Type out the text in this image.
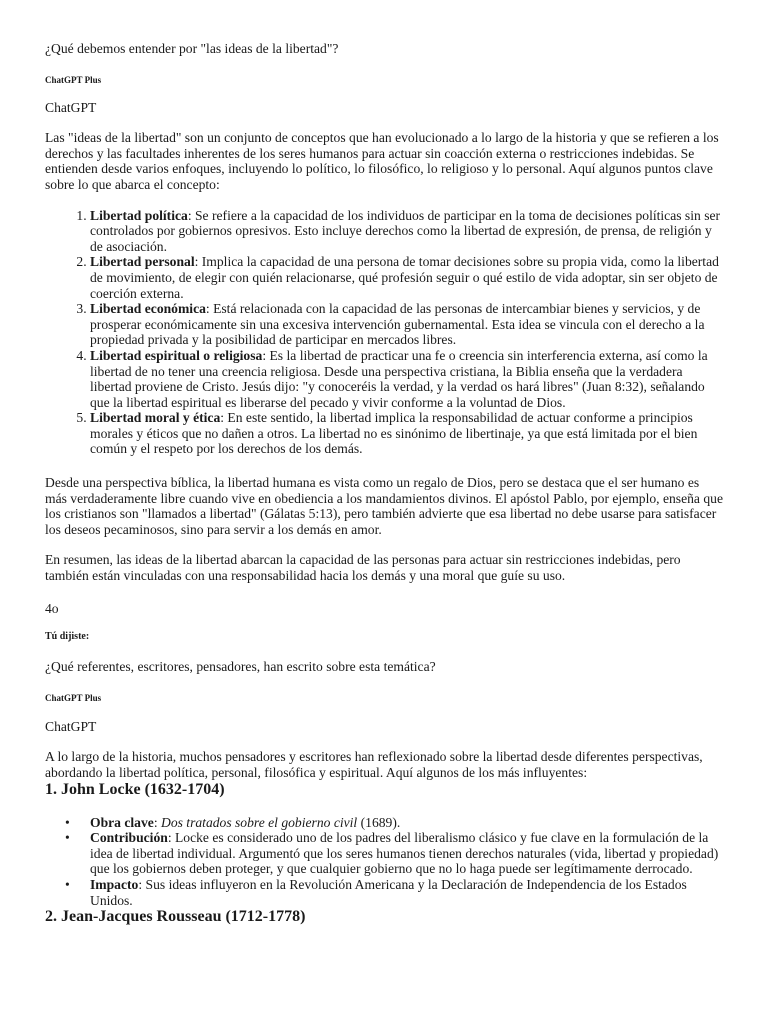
¿Qué debemos entender por "las ideas de la libertad"?

ChatGPT Plus

ChatGPT

Las "ideas de la libertad" son un conjunto de conceptos que han evolucionado a lo largo de la historia y que se refieren a los derechos y las facultades inherentes de los seres humanos para actuar sin coacción externa o restricciones indebidas. Se entienden desde varios enfoques, incluyendo lo político, lo filosófico, lo religioso y lo personal. Aquí algunos puntos clave sobre lo que abarca el concepto:

1. Libertad política: Se refiere a la capacidad de los individuos de participar en la toma de decisiones políticas sin ser controlados por gobiernos opresivos. Esto incluye derechos como la libertad de expresión, de prensa, de religión y de asociación.
2. Libertad personal: Implica la capacidad de una persona de tomar decisiones sobre su propia vida, como la libertad de movimiento, de elegir con quién relacionarse, qué profesión seguir o qué estilo de vida adoptar, sin ser objeto de coerción externa.
3. Libertad económica: Está relacionada con la capacidad de las personas de intercambiar bienes y servicios, y de prosperar económicamente sin una excesiva intervención gubernamental. Esta idea se vincula con el derecho a la propiedad privada y la posibilidad de participar en mercados libres.
4. Libertad espiritual o religiosa: Es la libertad de practicar una fe o creencia sin interferencia externa, así como la libertad de no tener una creencia religiosa. Desde una perspectiva cristiana, la Biblia enseña que la verdadera libertad proviene de Cristo. Jesús dijo: "y conoceréis la verdad, y la verdad os hará libres" (Juan 8:32), señalando que la libertad espiritual es liberarse del pecado y vivir conforme a la voluntad de Dios.
5. Libertad moral y ética: En este sentido, la libertad implica la responsabilidad de actuar conforme a principios morales y éticos que no dañen a otros. La libertad no es sinónimo de libertinaje, ya que está limitada por el bien común y el respeto por los derechos de los demás.

Desde una perspectiva bíblica, la libertad humana es vista como un regalo de Dios, pero se destaca que el ser humano es más verdaderamente libre cuando vive en obediencia a los mandamientos divinos. El apóstol Pablo, por ejemplo, enseña que los cristianos son "llamados a libertad" (Gálatas 5:13), pero también advierte que esa libertad no debe usarse para satisfacer los deseos pecaminosos, sino para servir a los demás en amor.

En resumen, las ideas de la libertad abarcan la capacidad de las personas para actuar sin restricciones indebidas, pero también están vinculadas con una responsabilidad hacia los demás y una moral que guíe su uso.

4o

Tú dijiste:

¿Qué referentes, escritores, pensadores, han escrito sobre esta temática?

ChatGPT Plus

ChatGPT

A lo largo de la historia, muchos pensadores y escritores han reflexionado sobre la libertad desde diferentes perspectivas, abordando la libertad política, personal, filosófica y espiritual. Aquí algunos de los más influyentes:

1. John Locke (1632-1704)
• Obra clave: Dos tratados sobre el gobierno civil (1689).
• Contribución: Locke es considerado uno de los padres del liberalismo clásico y fue clave en la formulación de la idea de libertad individual. Argumentó que los seres humanos tienen derechos naturales (vida, libertad y propiedad) que los gobiernos deben proteger, y que cualquier gobierno que no lo haga puede ser legítimamente derrocado.
• Impacto: Sus ideas influyeron en la Revolución Americana y la Declaración de Independencia de los Estados Unidos.
2. Jean-Jacques Rousseau (1712-1778)
